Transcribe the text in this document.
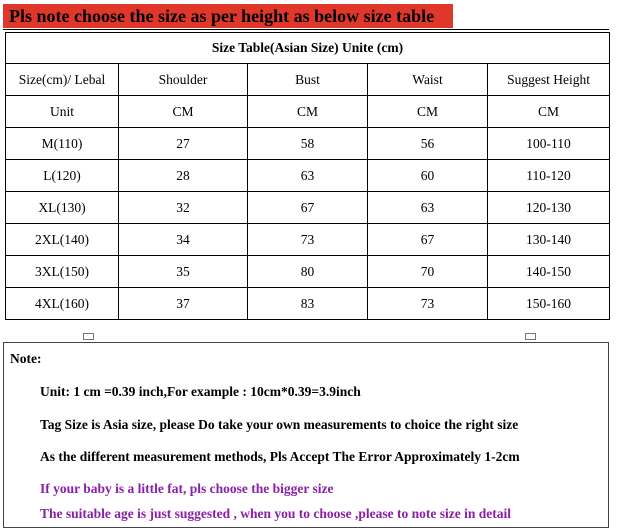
Pls note choose the size as per height as below size table
Size Table(Asian Size) Unite (cm)				
Size(cm)/ Lebal	Shoulder	Bust	Waist	Suggest Height
Unit	CM	CM	CM	CM
M(110)	27	58	56	100-110
L(120)	28	63	60	110-120
XL(130)	32	67	63	120-130
2XL(140)	34	73	67	130-140
3XL(150)	35	80	70	140-150
4XL(160)	37	83	73	150-160
Note:
Unit: 1 cm =0.39 inch,For example : 10cm*0.39=3.9inch
Tag Size is Asia size, please Do take your own measurements to choice the right size
As the different measurement methods, Pls Accept The Error Approximately 1-2cm
If your baby is a little fat, pls choose the bigger size
The suitable age is just suggested , when you to choose ,please to note size in detail
